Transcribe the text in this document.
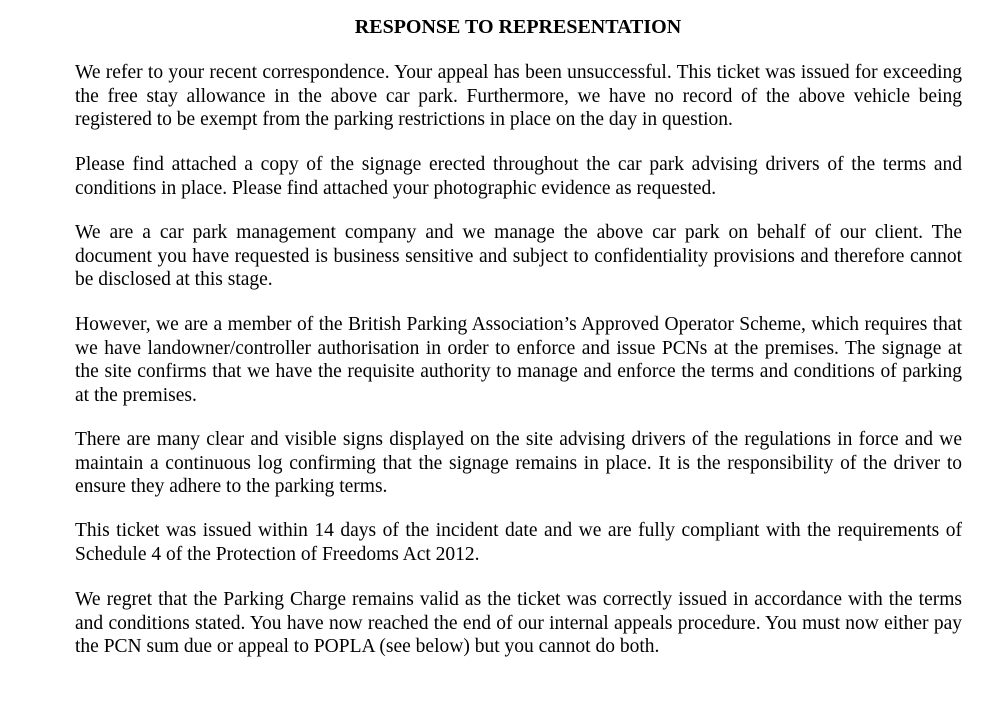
RESPONSE TO REPRESENTATION

We refer to your recent correspondence. Your appeal has been unsuccessful. This ticket was issued for exceeding the free stay allowance in the above car park. Furthermore, we have no record of the above vehicle being registered to be exempt from the parking restrictions in place on the day in question.

Please find attached a copy of the signage erected throughout the car park advising drivers of the terms and conditions in place. Please find attached your photographic evidence as requested.

We are a car park management company and we manage the above car park on behalf of our client. The document you have requested is business sensitive and subject to confidentiality provisions and therefore cannot be disclosed at this stage.

However, we are a member of the British Parking Association’s Approved Operator Scheme, which requires that we have landowner/controller authorisation in order to enforce and issue PCNs at the premises. The signage at the site confirms that we have the requisite authority to manage and enforce the terms and conditions of parking at the premises.

There are many clear and visible signs displayed on the site advising drivers of the regulations in force and we maintain a continuous log confirming that the signage remains in place. It is the responsibility of the driver to ensure they adhere to the parking terms.

This ticket was issued within 14 days of the incident date and we are fully compliant with the requirements of Schedule 4 of the Protection of Freedoms Act 2012.

We regret that the Parking Charge remains valid as the ticket was correctly issued in accordance with the terms and conditions stated. You have now reached the end of our internal appeals procedure. You must now either pay the PCN sum due or appeal to POPLA (see below) but you cannot do both.
